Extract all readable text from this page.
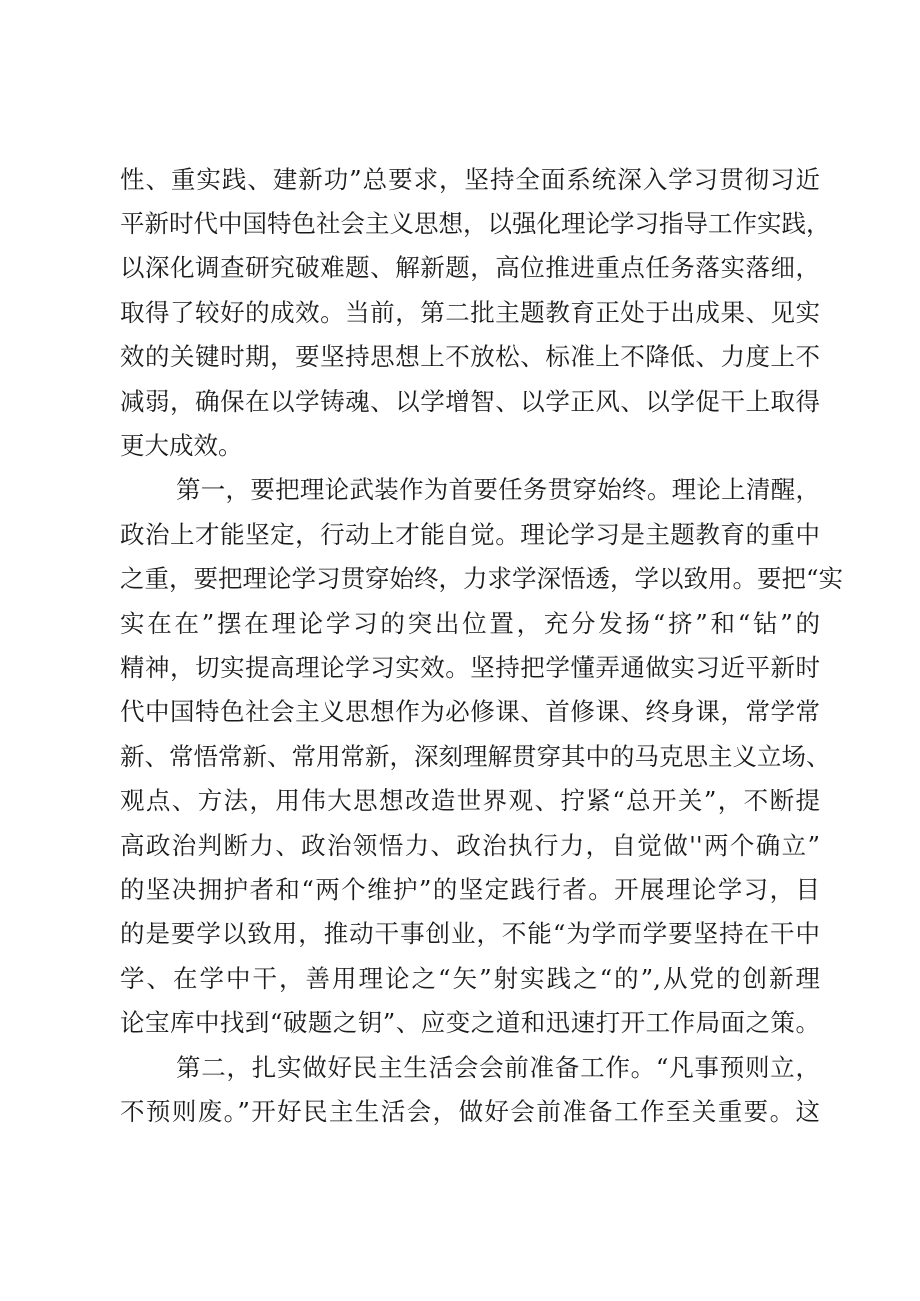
性、重实践、建新功”总要求，坚持全面系统深入学习贯彻习近
平新时代中国特色社会主义思想，以强化理论学习指导工作实践，
以深化调查研究破难题、解新题，高位推进重点任务落实落细，
取得了较好的成效。当前，第二批主题教育正处于出成果、见实
效的关键时期，要坚持思想上不放松、标准上不降低、力度上不
减弱，确保在以学铸魂、以学增智、以学正风、以学促干上取得
更大成效。
第一，要把理论武装作为首要任务贯穿始终。理论上清醒，
政治上才能坚定，行动上才能自觉。理论学习是主题教育的重中
之重，要把理论学习贯穿始终，力求学深悟透，学以致用。要把“实
实在在”摆在理论学习的突出位置，充分发扬“挤”和“钻”的
精神，切实提高理论学习实效。坚持把学懂弄通做实习近平新时
代中国特色社会主义思想作为必修课、首修课、终身课，常学常
新、常悟常新、常用常新，深刻理解贯穿其中的马克思主义立场、
观点、方法，用伟大思想改造世界观、拧紧“总开关”，不断提
高政治判断力、政治领悟力、政治执行力，自觉做''两个确立”
的坚决拥护者和“两个维护”的坚定践行者。开展理论学习，目
的是要学以致用，推动干事创业，不能“为学而学要坚持在干中
学、在学中干，善用理论之“矢”射实践之“的”,从党的创新理
论宝库中找到“破题之钥”、应变之道和迅速打开工作局面之策。
第二，扎实做好民主生活会会前准备工作。“凡事预则立，
不预则废。”开好民主生活会，做好会前准备工作至关重要。这
